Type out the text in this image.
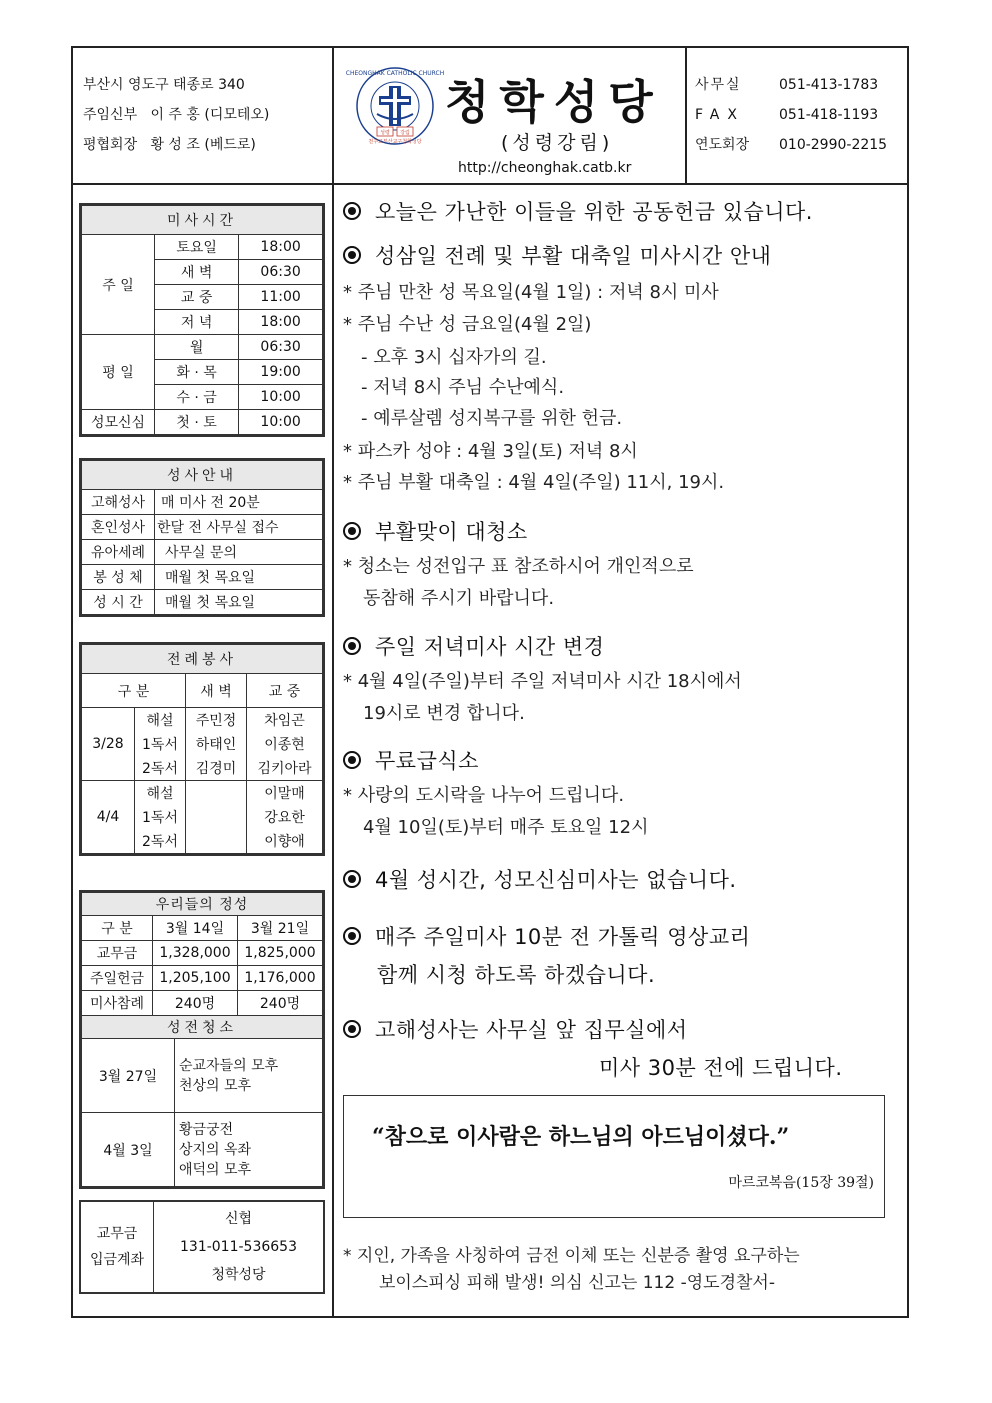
부산시 영도구 태종로 340
주임신부   이 주 홍 (디모테오)
평협회장   황 성 조 (베드로)
CHEONGHAK CATHOLIC CHURCH
천주교부산교구청학성당
성령 강림
청학성당
(성령강림)
http://cheonghak.catb.kr
사무실	051-413-1783
FAX	051-418-1193
연도회장	010-2990-2215
미사시간		
주 일	토요일	18:00
	새 벽	06:30
	교 중	11:00
	저 녁	18:00
평 일	월	06:30
	화 · 목	19:00
	수 · 금	10:00
성모신심	첫 · 토	10:00
성사안내	
고해성사	매 미사 전 20분
혼인성사	한달 전 사무실 접수
유아세례	사무실 문의
봉 성 체	매월 첫 목요일
성 시 간	매월 첫 목요일
전례봉사			
구 분		새 벽	교 중
3/28	해설	주민정	차임곤
	1독서	하태인	이종현
	2독서	김경미	김키아라
4/4	해설		이말매
	1독서		강요한
	2독서		이향애
우리들의 정성		
구 분	3월 14일	3월 21일
교무금	1,328,000	1,825,000
주일헌금	1,205,100	1,176,000
미사참례	240명	240명
성전청소		
3월 27일	순교자들의 모후
천상의 모후

4월 3일	황금궁전
상지의 옥좌
애덕의 모후
교무금
입금계좌

신협
131-011-536653
청학성당
“참으로 이사람은 하느님의 아드님이셨다.”
마르코복음(15장 39절)
* 지인, 가족을 사칭하여 금전 이체 또는 신분증 촬영 요구하는
보이스피싱 피해 발생! 의심 신고는 112 -영도경찰서-
오늘은 가난한 이들을 위한 공동헌금 있습니다.
성삼일 전례 및 부활 대축일 미사시간 안내
* 주님 만찬 성 목요일(4월 1일) : 저녁 8시 미사
* 주님 수난 성 금요일(4월 2일)
- 오후 3시 십자가의 길.
- 저녁 8시 주님 수난예식.
- 예루살렘 성지복구를 위한 헌금.
* 파스카 성야 : 4월 3일(토) 저녁 8시
* 주님 부활 대축일 : 4월 4일(주일) 11시, 19시.
부활맞이 대청소
* 청소는 성전입구 표 참조하시어 개인적으로
동참해 주시기 바랍니다.
주일 저녁미사 시간 변경
* 4월 4일(주일)부터 주일 저녁미사 시간 18시에서
19시로 변경 합니다.
무료급식소
* 사랑의 도시락을 나누어 드립니다.
4월 10일(토)부터 매주 토요일 12시
4월 성시간, 성모신심미사는 없습니다.
매주 주일미사 10분 전 가톨릭 영상교리
함께 시청 하도록 하겠습니다.
고해성사는 사무실 앞 집무실에서
미사 30분 전에 드립니다.
